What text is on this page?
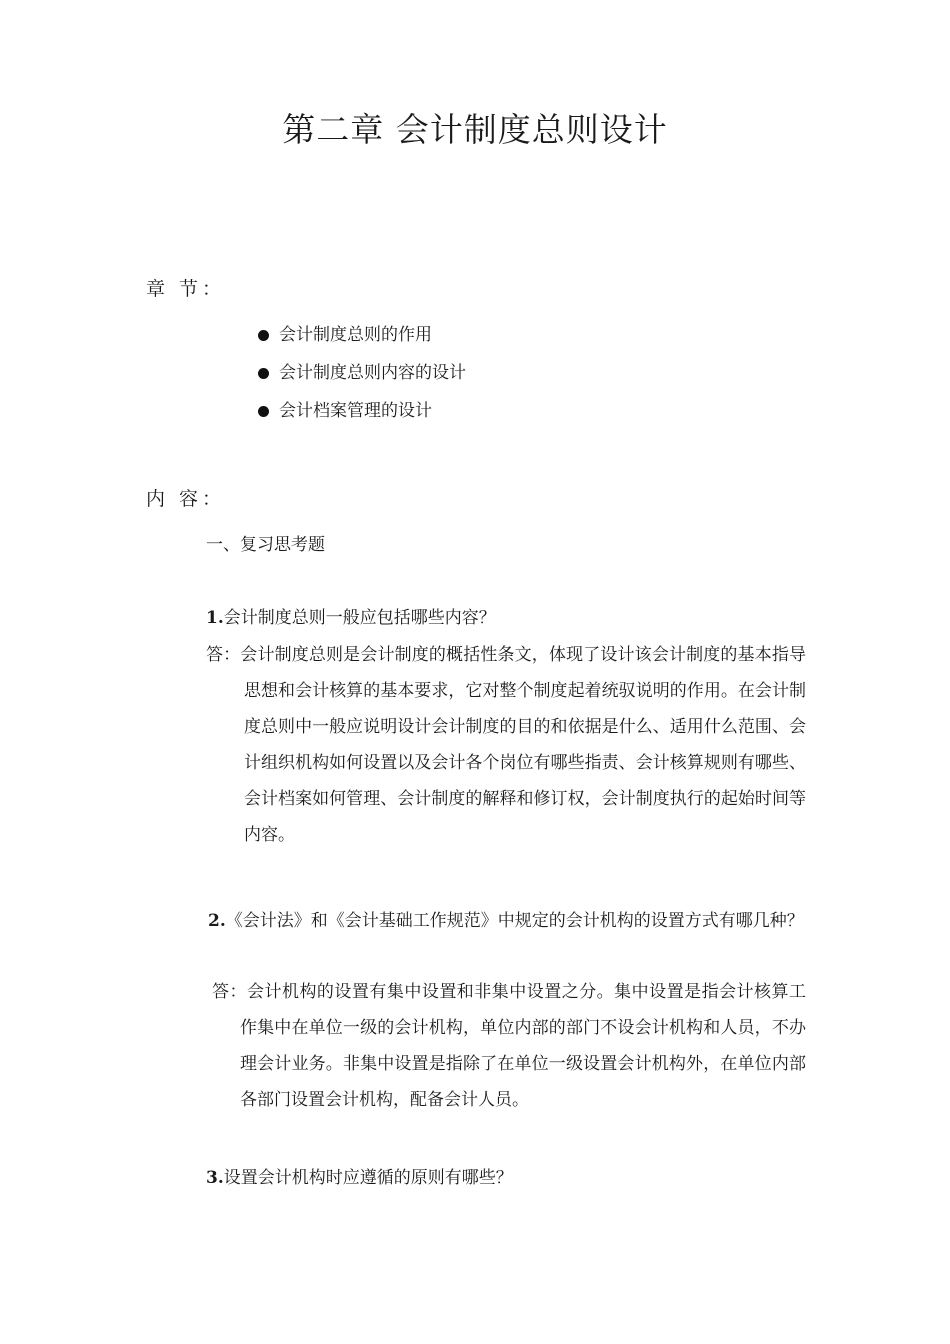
第二章 会计制度总则设计
章 节：
会计制度总则的作用
会计制度总则内容的设计
会计档案管理的设计
内 容：
一、复习思考题
1.会计制度总则一般应包括哪些内容？
答：会计制度总则是会计制度的概括性条文，体现了设计该会计制度的基本指导思想和会计核算的基本要求，它对整个制度起着统驭说明的作用。在会计制度总则中一般应说明设计会计制度的目的和依据是什么、适用什么范围、会计组织机构如何设置以及会计各个岗位有哪些指责、会计核算规则有哪些、会计档案如何管理、会计制度的解释和修订权，会计制度执行的起始时间等内容。
2.《会计法》和《会计基础工作规范》中规定的会计机构的设置方式有哪几种？
答：会计机构的设置有集中设置和非集中设置之分。集中设置是指会计核算工作集中在单位一级的会计机构，单位内部的部门不设会计机构和人员，不办理会计业务。非集中设置是指除了在单位一级设置会计机构外，在单位内部各部门设置会计机构，配备会计人员。
3.设置会计机构时应遵循的原则有哪些？
